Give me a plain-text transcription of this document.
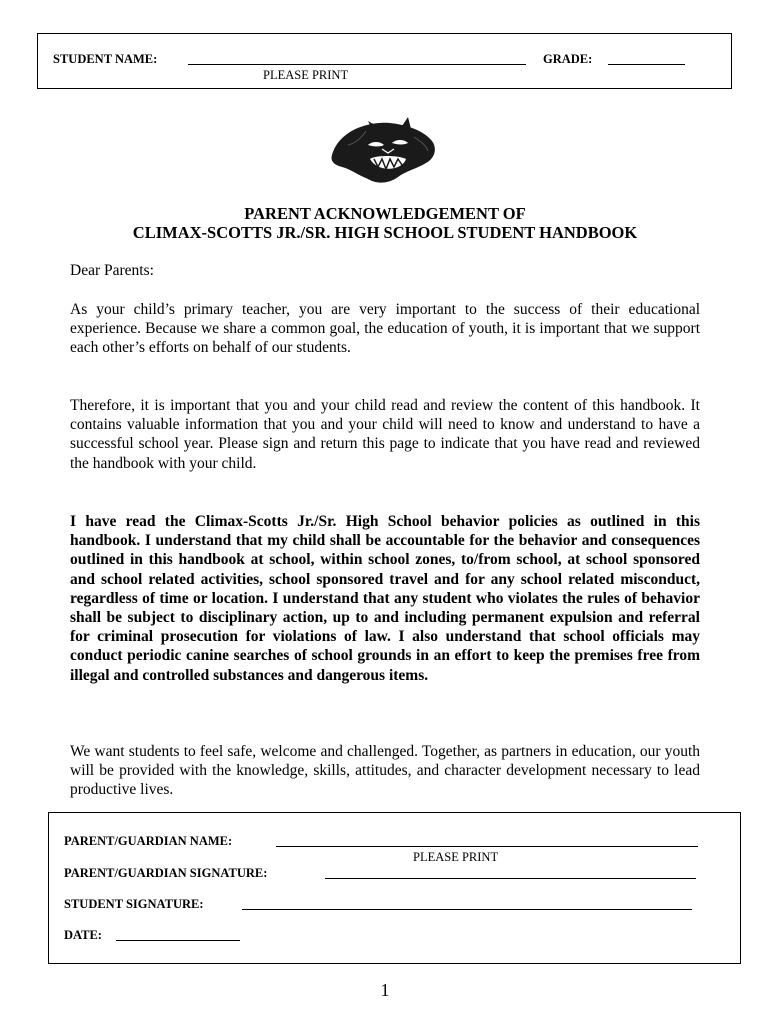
STUDENT NAME:
PLEASE PRINT
GRADE:
PARENT ACKNOWLEDGEMENT OF
CLIMAX-SCOTTS JR./SR. HIGH SCHOOL STUDENT HANDBOOK

Dear Parents:

As your child’s primary teacher, you are very important to the success of their educational experience. Because we share a common goal, the education of youth, it is important that we support each other’s efforts on behalf of our students.

Therefore, it is important that you and your child read and review the content of this handbook. It contains valuable information that you and your child will need to know and understand to have a successful school year. Please sign and return this page to indicate that you have read and reviewed the handbook with your child.

I have read the Climax-Scotts Jr./Sr. High School behavior policies as outlined in this handbook. I understand that my child shall be accountable for the behavior and consequences outlined in this handbook at school, within school zones, to/from school, at school sponsored and school related activities, school sponsored travel and for any school related misconduct, regardless of time or location. I understand that any student who violates the rules of behavior shall be subject to disciplinary action, up to and including permanent expulsion and referral for criminal prosecution for violations of law. I also understand that school officials may conduct periodic canine searches of school grounds in an effort to keep the premises free from illegal and controlled substances and dangerous items.

We want students to feel safe, welcome and challenged. Together, as partners in education, our youth will be provided with the knowledge, skills, attitudes, and character development necessary to lead productive lives.

PARENT/GUARDIAN NAME:
PLEASE PRINT
PARENT/GUARDIAN SIGNATURE:
STUDENT SIGNATURE:
DATE:
1
